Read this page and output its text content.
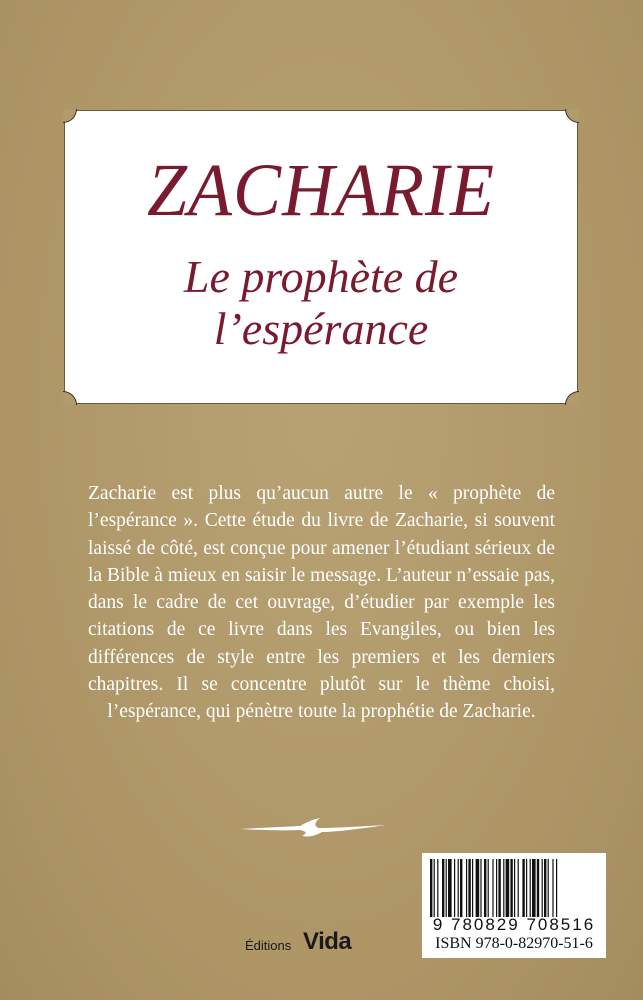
ZACHARIE
Le prophète de
l’espérance
Zacharie est plus qu’aucun autre le « prophète de l’espérance ». Cette étude du livre de Zacharie, si souvent laissé de côté, est conçue pour amener l’étudiant sérieux de la Bible à mieux en saisir le message. L’auteur n’essaie pas, dans le cadre de cet ouvrage, d’étudier par exemple les citations de ce livre dans les Evangiles, ou bien les différences de style entre les premiers et les derniers chapitres. Il se concentre plutôt sur le thème choisi, l’espérance, qui pénètre toute la prophétie de Zacharie.
9 780829 708516
ISBN 978-0-82970-51-6
Éditions Vida
